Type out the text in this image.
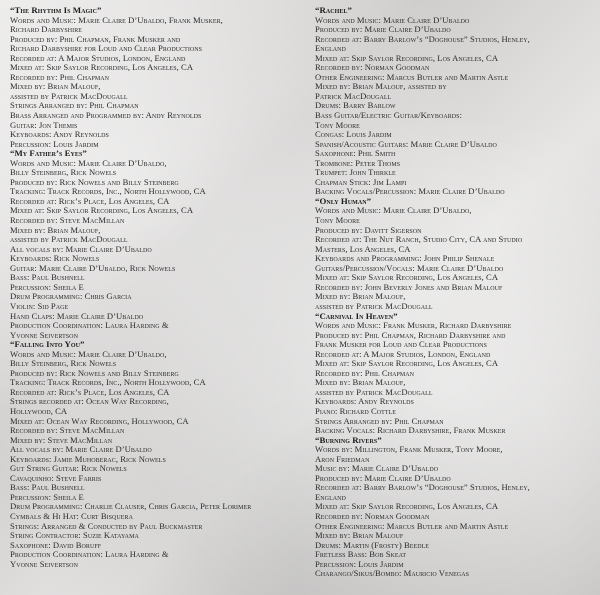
“The Rhythm Is Magic”
Words and Music: Marie Claire D’Ubaldo, Frank Musker,
Richard Darbyshire
Produced by: Phil Chapman, Frank Musker and
Richard Darbyshire for Loud and Clear Productions
Recorded at: A Major Studios, London, England
Mixed at: Skip Saylor Recording, Los Angeles, CA
Recorded by: Phil Chapman
Mixed by: Brian Malouf,
assisted by Patrick MacDougall
Strings Arranged by: Phil Chapman
Brass Arranged and Programmed by: Andy Reynolds
Guitar: Jon Themis
Keyboards: Andy Reynolds
Percussion: Louis Jardim
“My Father’s Eyes”
Words and Music: Marie Claire D’Ubaldo,
Billy Steinberg, Rick Nowels
Produced by: Rick Nowels and Billy Steinberg
Tracking: Track Records, Inc., North Hollywood, CA
Recorded at: Rick’s Place, Los Angeles, CA
Mixed at: Skip Saylor Recording, Los Angeles, CA
Recorded by: Steve MacMillan
Mixed by: Brian Malouf,
assisted by Patrick MacDougall
All vocals by: Marie Claire D’Ubaldo
Keyboards: Rick Nowels
Guitar: Marie Claire D’Ubaldo, Rick Nowels
Bass: Paul Bushnell
Percussion: Sheila E
Drum Programming: Chris Garcia
Violin: Sid Page
Hand Claps: Marie Claire D’Ubaldo
Production Coordination: Laura Harding &
Yvonne Seivertson
“Falling Into You”
Words and Music: Marie Claire D’Ubaldo,
Billy Steinberg, Rick Nowels
Produced by: Rick Nowels and Billy Steinberg
Tracking: Track Records, Inc., North Hollywood, CA
Recorded at: Rick’s Place, Los Angeles, CA
Strings recorded at: Ocean Way Recording,
Hollywood, CA
Mixed at: Ocean Way Recording, Hollywood, CA
Recorded by: Steve MacMillan
Mixed by: Steve MacMillan
All vocals by: Marie Claire D’Ubaldo
Keyboards: Jamie Muhoberac, Rick Nowels
Gut String Guitar: Rick Nowels
Cavaquinho: Steve Farris
Bass: Paul Bushnell
Percussion: Sheila E
Drum Programming: Charlie Clauser, Chris Garcia, Peter Lorimer
Cymbals & Hi Hat: Curt Bisquera
Strings: Arranged & Conducted by Paul Buckmaster
String Contractor: Suzie Katayama
Saxophone: David Boruff
Production Coordination: Laura Harding &
Yvonne Seivertson
“Rachel”
Words and Music: Marie Claire D’Ubaldo
Produced by: Marie Claire D’Ubaldo
Recorded at: Barry Barlow’s “Doghouse” Studios, Henley,
England
Mixed at: Skip Saylor Recording, Los Angeles, CA
Recorded by: Norman Goodman
Other Engineering: Marcus Butler and Martin Astle
Mixed by: Brian Malouf, assisted by
Patrick MacDougall
Drums: Barry Barlow
Bass Guitar/Electric Guitar/Keyboards:
Tony Moore
Congas: Louis Jardim
Spanish/Acoustic Guitars: Marie Claire D’Ubaldo
Saxophone: Phil Smith
Trombone: Peter Thoms
Trumpet: John Thirkle
Chapman Stick: Jim Lampi
Backing Vocals/Percussion: Marie Claire D’Ubaldo
“Only Human”
Words and Music: Marie Claire D’Ubaldo,
Tony Moore
Produced by: Davitt Sigerson
Recorded at: The Nut Ranch, Studio City, CA and Studio
Masters, Los Angeles, CA
Keyboards and Programming: John Philip Shenale
Guitars/Percussion/Vocals: Marie Claire D’Ubaldo
Mixed at: Skip Saylor Recording, Los Angeles, CA
Recorded by: John Beverly Jones and Brian Malouf
Mixed by: Brian Malouf,
assisted by Patrick MacDougall
“Carnival In Heaven”
Words and Music: Frank Musker, Richard Darbyshire
Produced by: Phil Chapman, Richard Darbyshire and
Frank Musker for Loud and Clear Productions
Recorded at: A Major Studios, London, England
Mixed at: Skip Saylor Recording, Los Angeles, CA
Recorded by: Phil Chapman
Mixed by: Brian Malouf,
assisted by Patrick MacDougall
Keyboards: Andy Reynolds
Piano: Richard Cottle
Strings Arranged by: Phil Chapman
Backing Vocals: Richard Darbyshire, Frank Musker
“Burning Rivers”
Words by: Millington, Frank Musker, Tony Moore,
Aron Friedman
Music by: Marie Claire D’Ubaldo
Produced by: Marie Claire D’Ubaldo
Recorded at: Barry Barlow’s “Doghouse” Studios, Henley,
England
Mixed at: Skip Saylor Recording, Los Angeles, CA
Recorded by: Norman Goodman
Other Engineering: Marcus Butler and Martin Astle
Mixed by: Brian Malouf
Drums: Martin (Frosty) Beedle
Fretless Bass: Bob Skeat
Percussion: Louis Jardim
Charango/Sikus/Bombo: Mauricio Venegas
